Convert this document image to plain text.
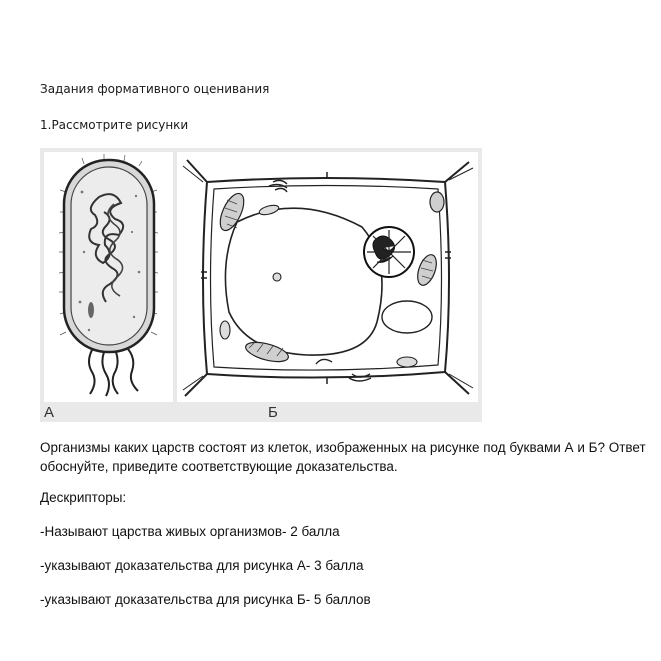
Задания формативного оценивания
1.Рассмотрите рисунки
А	Б
Организмы каких царств состоят из клеток, изображенных на рисунке под буквами А и Б? Ответ обоснуйте, приведите соответствующие доказательства.
Дескрипторы:
-Называют царства живых организмов- 2 балла
-указывают доказательства для рисунка А- 3 балла
-указывают доказательства для рисунка Б- 5 баллов
